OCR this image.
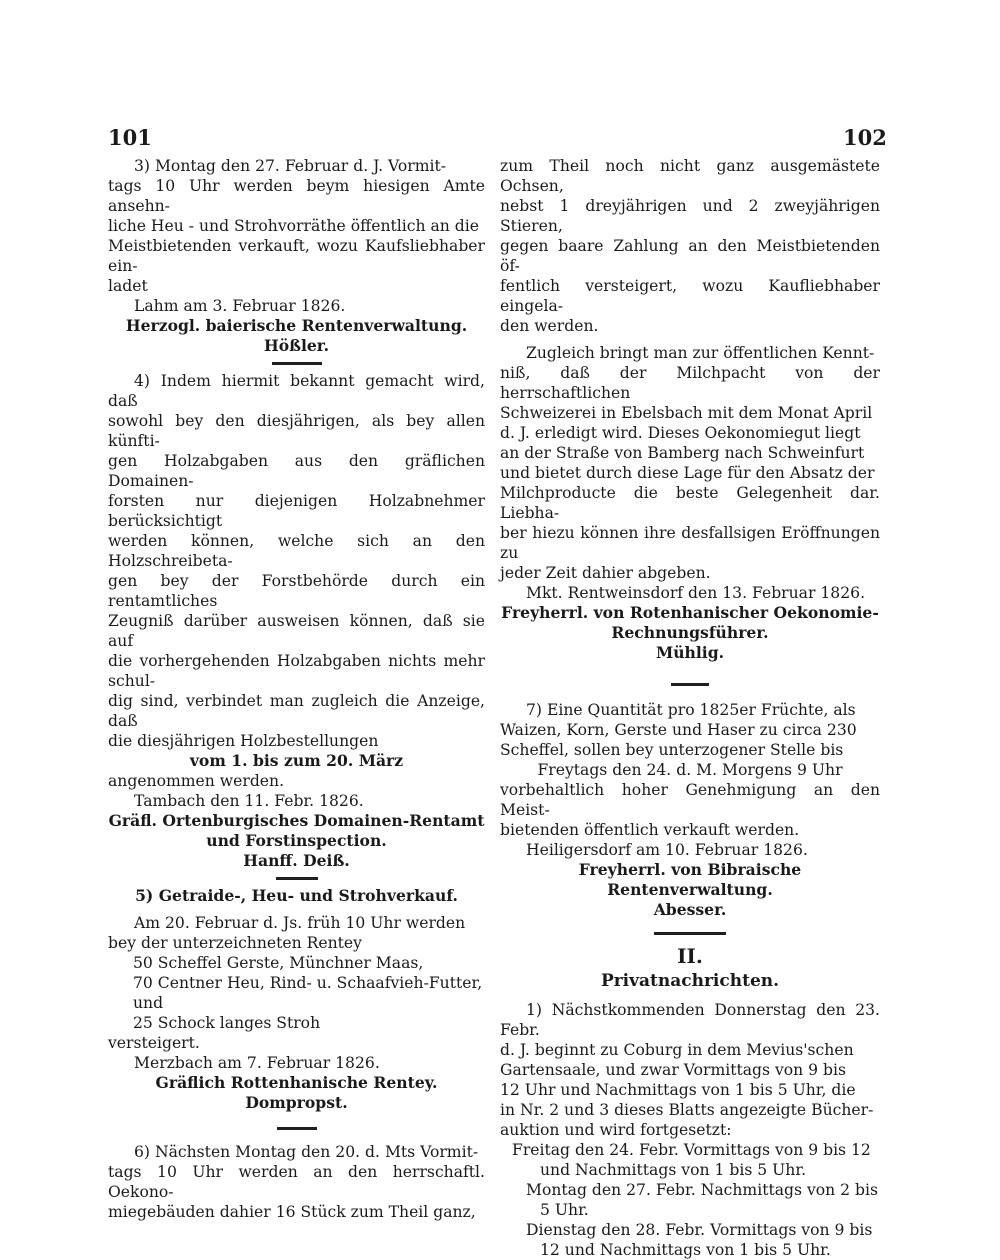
101	102

3) Montag den 27. Februar d. J. Vormit-
tags 10 Uhr werden beym hiesigen Amte ansehn-
liche Heu - und Strohvorräthe öffentlich an die
Meistbietenden verkauft, wozu Kaufsliebhaber ein-
ladet

Lahm am 3. Februar 1826.

Herzogl. baierische Rentenverwaltung.

Hößler.

4) Indem hiermit bekannt gemacht wird, daß
sowohl bey den diesjährigen, als bey allen künfti-
gen Holzabgaben aus den gräflichen Domainen-
forsten nur diejenigen Holzabnehmer berücksichtigt
werden können, welche sich an den Holzschreibeta-
gen bey der Forstbehörde durch ein rentamtliches
Zeugniß darüber ausweisen können, daß sie auf
die vorhergehenden Holzabgaben nichts mehr schul-
dig sind, verbindet man zugleich die Anzeige, daß
die diesjährigen Holzbestellungen

vom 1. bis zum 20. März

angenommen werden.

Tambach den 11. Febr. 1826.

Gräfl. Ortenburgisches Domainen-Rentamt

und Forstinspection.

Hanff. Deiß.

5) Getraide-, Heu- und Strohverkauf.

Am 20. Februar d. Js. früh 10 Uhr werden

bey der unterzeichneten Rentey

50 Scheffel Gerste, Münchner Maas,
70 Centner Heu, Rind- u. Schaafvieh-Futter, und
25 Schock langes Stroh

versteigert.

Merzbach am 7. Februar 1826.

Gräflich Rottenhanische Rentey.

Dompropst.

6) Nächsten Montag den 20. d. Mts Vormit-
tags 10 Uhr werden an den herrschaftl. Oekono-
miegebäuden dahier 16 Stück zum Theil ganz,

zum Theil noch nicht ganz ausgemästete Ochsen,
nebst 1 dreyjährigen und 2 zweyjährigen Stieren,
gegen baare Zahlung an den Meistbietenden öf-
fentlich versteigert, wozu Kaufliebhaber eingela-
den werden.

Zugleich bringt man zur öffentlichen Kennt-
niß, daß der Milchpacht von der herrschaftlichen
Schweizerei in Ebelsbach mit dem Monat April
d. J. erledigt wird. Dieses Oekonomiegut liegt
an der Straße von Bamberg nach Schweinfurt
und bietet durch diese Lage für den Absatz der
Milchproducte die beste Gelegenheit dar. Liebha-
ber hiezu können ihre desfallsigen Eröffnungen zu
jeder Zeit dahier abgeben.

Mkt. Rentweinsdorf den 13. Februar 1826.

Freyherrl. von Rotenhanischer Oekonomie-

Rechnungsführer.

Mühlig.

7) Eine Quantität pro 1825er Früchte, als
Waizen, Korn, Gerste und Haser zu circa 230
Scheffel, sollen bey unterzogener Stelle bis

Freytags den 24. d. M. Morgens 9 Uhr

vorbehaltlich hoher Genehmigung an den Meist-
bietenden öffentlich verkauft werden.

Heiligersdorf am 10. Februar 1826.

Freyherrl. von Bibraische Rentenverwaltung.

Abesser.

II.

Privatnachrichten.

1) Nächstkommenden Donnerstag den 23. Febr.
d. J. beginnt zu Coburg in dem Mevius'schen
Gartensaale, und zwar Vormittags von 9 bis
12 Uhr und Nachmittags von 1 bis 5 Uhr, die
in Nr. 2 und 3 dieses Blatts angezeigte Bücher-
auktion und wird fortgesetzt:

Freitag den 24. Febr. Vormittags von 9 bis 12
und Nachmittags von 1 bis 5 Uhr.
Montag den 27. Febr. Nachmittags von 2 bis
5 Uhr.
Dienstag den 28. Febr. Vormittags von 9 bis
12 und Nachmittags von 1 bis 5 Uhr.
